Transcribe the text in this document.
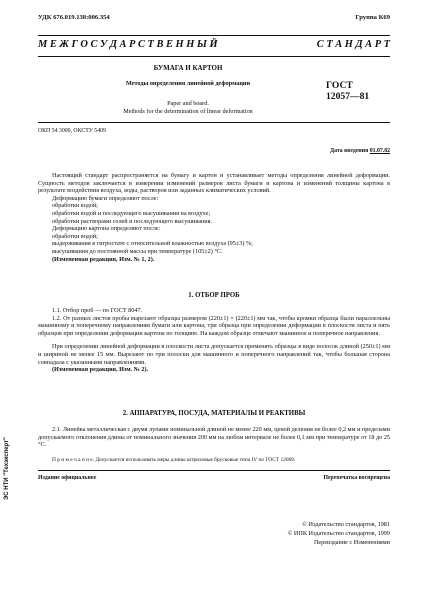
УДК 676.019.138:006.354	Группа К69
М Е Ж Г О С У Д А Р С Т В Е Н Н Ы Й	С Т А Н Д А Р Т
БУМАГА И КАРТОН
Методы определения линейной деформации	ГОСТ
12057—81
Paper and board.
Methods for the determination of linear deformation
ОКП 54 3000, ОКСТУ 5409
Дата введения 01.07.82

Настоящий стандарт распространяется на бумагу и картон и устанавливает методы определения линейной деформации. Сущность методов заключается в измерении изменений размеров листа бумаги и картона и изменений толщины картона в результате воздействия воздуха, воды, растворов или заданных климатических условий.

Деформацию бумаги определяют после:

обработки водой;

обработки водой и последующего высушивания на воздухе;

обработки растворами солей и последующего высушивания.

Деформацию картона определяют после:

обработки водой;

выдерживания в гигростате с относительной влажностью воздуха (95±3) %;

высушивания до постоянной массы при температуре (105±2) °С.

(Измененная редакция, Изм. № 1, 2).

1. ОТБОР ПРОБ

1.1. Отбор проб — по ГОСТ 8047.

1.2. От разных листов пробы вырезают образцы размером (220±1) × (220±1) мм так, чтобы кромки образца были параллельны машинному и поперечному направлениям бумаги или картона, три образца при определении деформации в плоскости листа и пять образцов при определении деформации картона по толщине. На каждом образце отмечают машинное и поперечное направления.

При определении линейной деформации в плоскости листа допускается применять образцы в виде полосок длиной (250±1) мм и шириной не менее 15 мм. Вырезают по три полоски для машинного и поперечного направлений так, чтобы большая сторона совпадала с указанными направлениями.

(Измененная редакция, Изм. № 2).

2. АППАРАТУРА, ПОСУДА, МАТЕРИАЛЫ И РЕАКТИВЫ

2.1. Линейка металлическая с двумя лупами номинальной длиной не менее 220 мм, ценой деления не более 0,2 мм и пределами допускаемого отклонения длины от номинального значения 200 мм на любом интервале не более 0,1 мм при температуре от 18 до 25 °С.

П р и м е ч а н и е. Допускается использовать меры длины штриховые брусковые типа IV по ГОСТ 12069.
Издание официальное	Перепечатка воспрещена
© Издательство стандартов, 1981
© ИПК Издательство стандартов, 1999
Переиздание с Изменениями
ЭС НТИ "Техэксперт"
